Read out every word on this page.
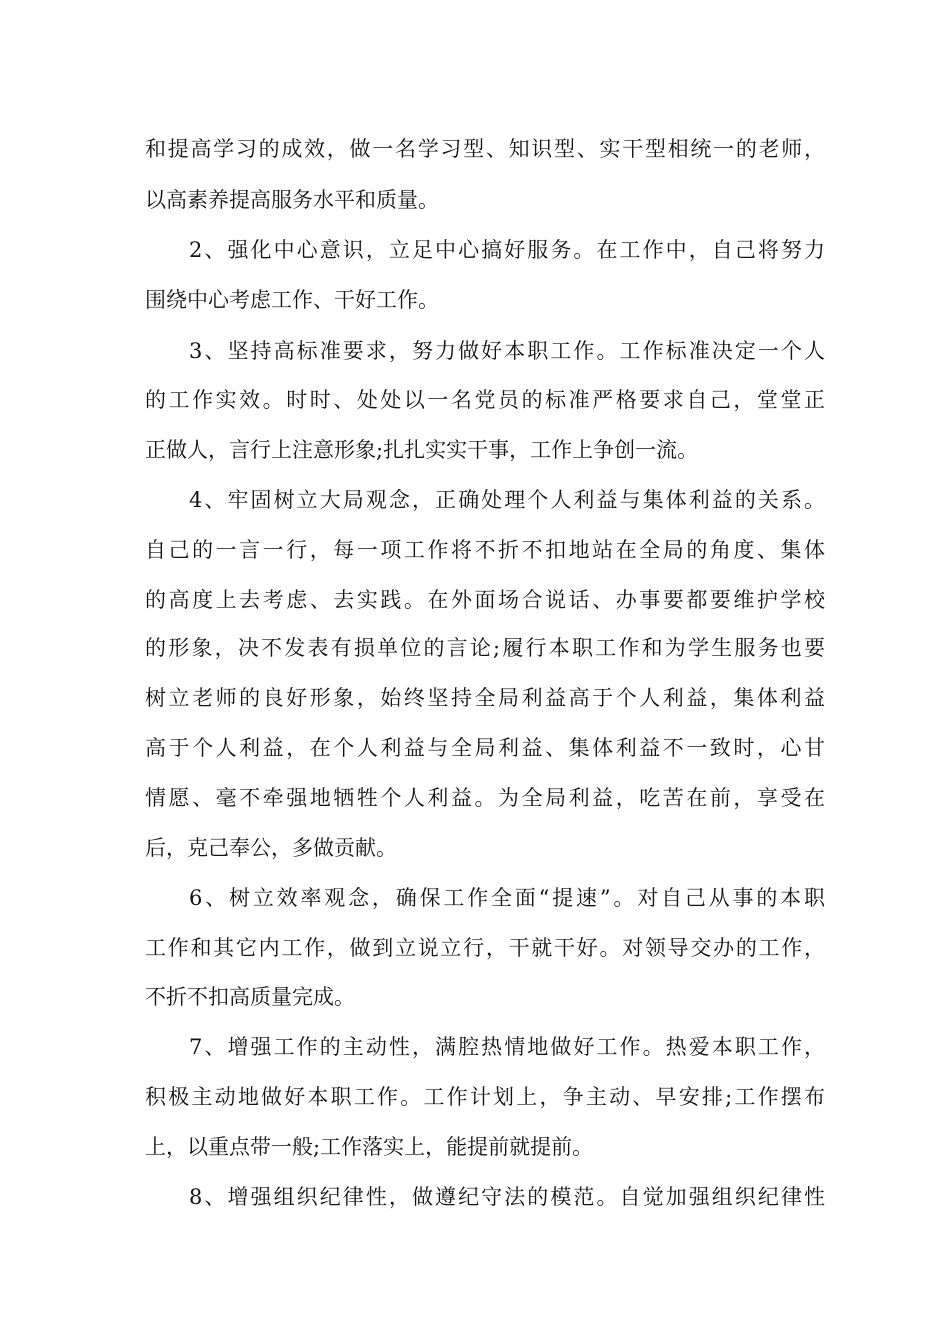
和提高学习的成效，做一名学习型、知识型、实干型相统一的老师，
以高素养提高服务水平和质量。
2、强化中心意识，立足中心搞好服务。在工作中，自己将努力
围绕中心考虑工作、干好工作。
3、坚持高标准要求，努力做好本职工作。工作标准决定一个人
的工作实效。时时、处处以一名党员的标准严格要求自己，堂堂正
正做人，言行上注意形象;扎扎实实干事，工作上争创一流。
4、牢固树立大局观念，正确处理个人利益与集体利益的关系。
自己的一言一行，每一项工作将不折不扣地站在全局的角度、集体
的高度上去考虑、去实践。在外面场合说话、办事要都要维护学校
的形象，决不发表有损单位的言论;履行本职工作和为学生服务也要
树立老师的良好形象，始终坚持全局利益高于个人利益，集体利益
高于个人利益，在个人利益与全局利益、集体利益不一致时，心甘
情愿、毫不牵强地牺牲个人利益。为全局利益，吃苦在前，享受在
后，克己奉公，多做贡献。
6、树立效率观念，确保工作全面“提速”。对自己从事的本职
工作和其它内工作，做到立说立行，干就干好。对领导交办的工作，
不折不扣高质量完成。
7、增强工作的主动性，满腔热情地做好工作。热爱本职工作，
积极主动地做好本职工作。工作计划上，争主动、早安排;工作摆布
上，以重点带一般;工作落实上，能提前就提前。
8、增强组织纪律性，做遵纪守法的模范。自觉加强组织纪律性
